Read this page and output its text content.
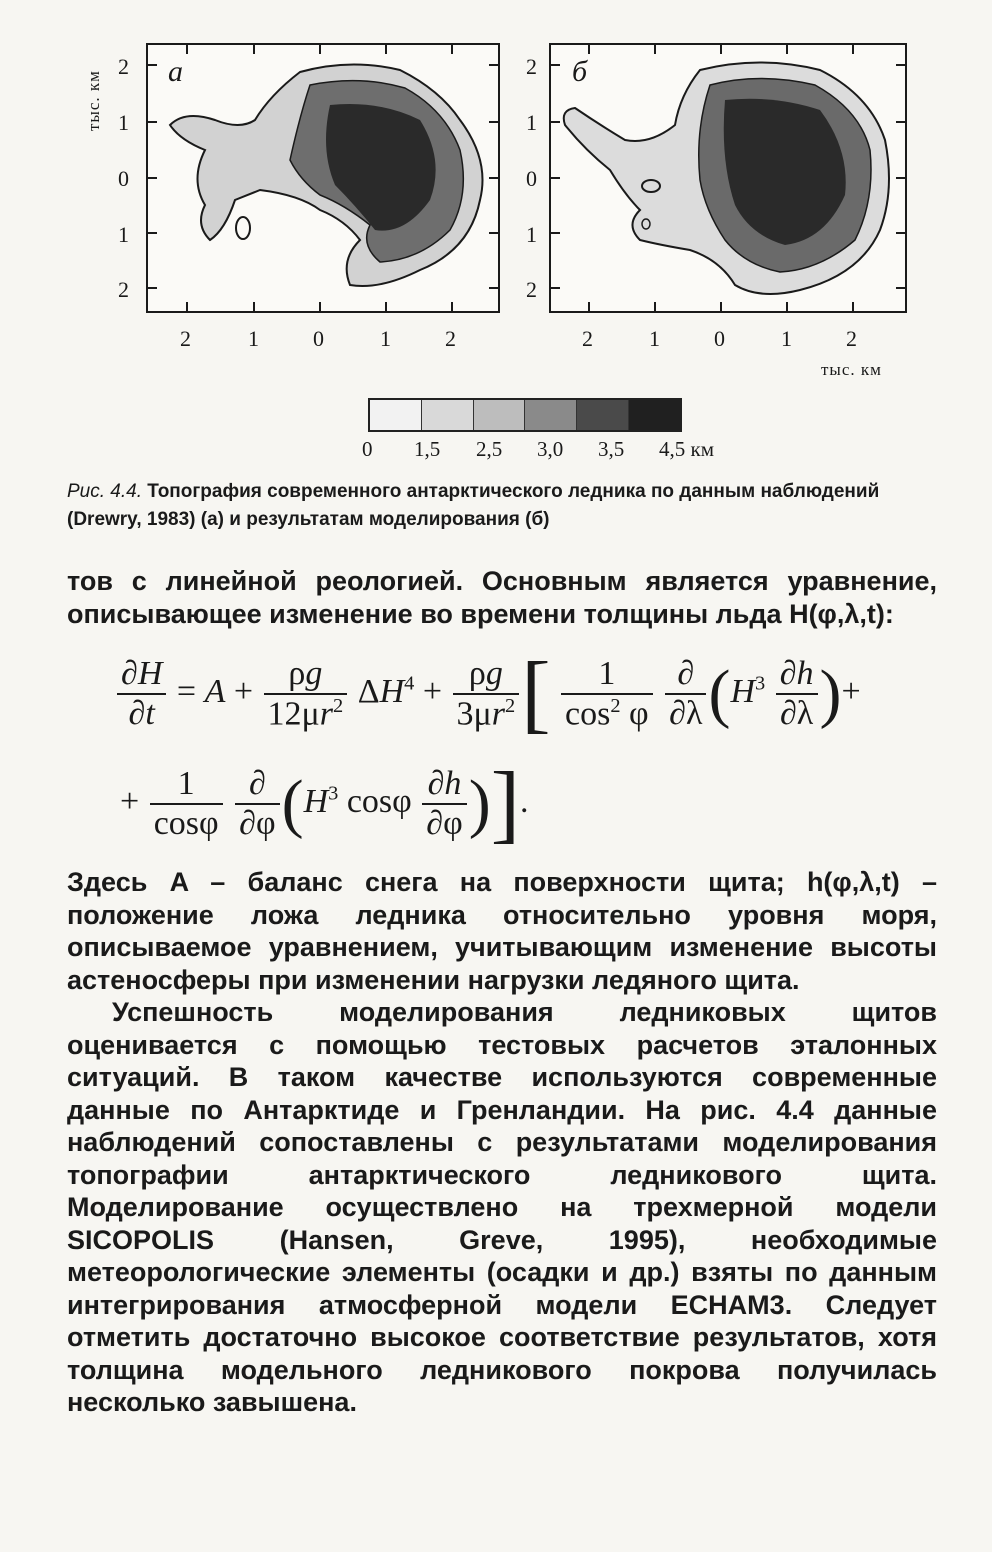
тыс. км
2
1
0
1
2
2
1
0
1
2
а	б
2	1 0	1 2	2	1 0	1 2
тыс. км
0 1,5 2,5 3,0 3,5 4,5 км
Рис. 4.4. Топография современного антарктического ледника по данным наблюдений (Drewry, 1983) (а) и результатам моделирования (б)

тов с линейной реологией. Основным является уравнение, описывающее изменение во времени толщины льда H(φ,λ,t):

$\frac{\partial H}{\partial t} = A + \frac{\rho g}{12\mu r^2} \Delta H^4 + \frac{\rho g}{3\mu r^2}$ [ $\frac{1}{\cos^2 \varphi}$
$\frac{\partial}{\partial\lambda} (H^3 \frac{\partial h}{\partial\lambda}$ )+
+ $\frac{1}{\cos\varphi}$
$\frac{\partial}{\partial\varphi} (H^3$ cosφ $\frac{\partial h}{\partial\varphi}$ )].

Здесь A – баланс снега на поверхности щита; h(φ,λ,t) – положение ложа ледника относительно уровня моря, описываемое уравнением, учитывающим изменение высоты астеносферы при изменении нагрузки ледяного щита.

Успешность моделирования ледниковых щитов оценивается с помощью тестовых расчетов эталонных ситуаций. В таком качестве используются современные данные по Антарктиде и Гренландии. На рис. 4.4 данные наблюдений сопоставлены с результатами моделирования топографии антарктического ледникового щита. Моделирование осуществлено на трехмерной модели SICOPOLIS (Hansen, Greve, 1995), необходимые метеорологические элементы (осадки и др.) взяты по данным интегрирования атмосферной модели ECHAM3. Следует отметить достаточно высокое соответствие результатов, хотя толщина модельного ледникового покрова получилась несколько завышена.
